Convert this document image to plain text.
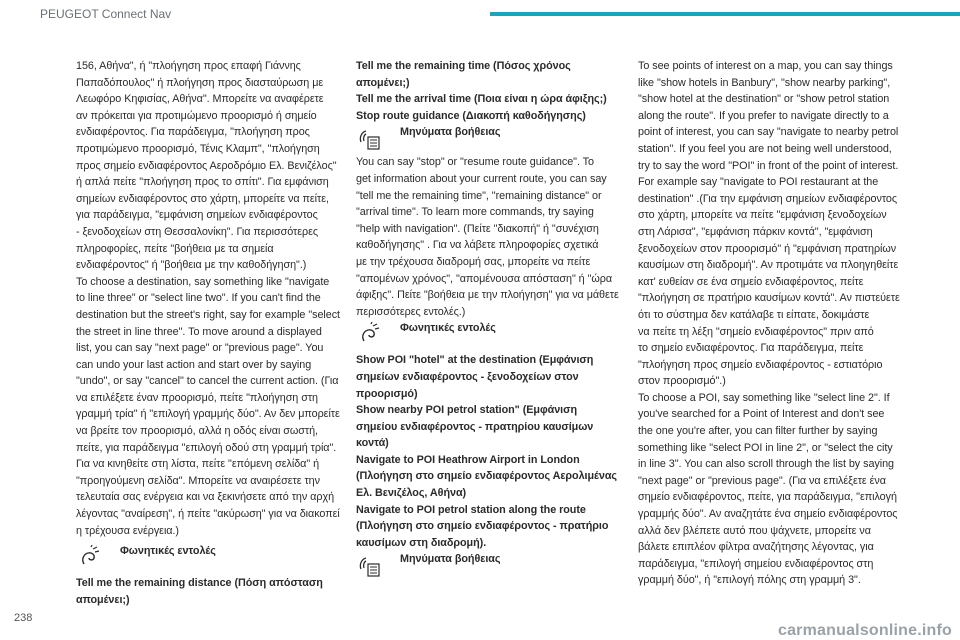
PEUGEOT Connect Nav

156, Αθήνα", ή "πλοήγηση προς επαφή Γιάννης
Παπαδόπουλος" ή πλοήγηση προς διασταύρωση με
Λεωφόρο Κηφισίας, Αθήνα". Μπορείτε να αναφέρετε
αν πρόκειται για προτιμώμενο προορισμό ή σημείο
ενδιαφέροντος. Για παράδειγμα, "πλοήγηση προς
προτιμώμενο προορισμό, Τένις Κλαμπ", "πλοήγηση
προς σημείο ενδιαφέροντος Αεροδρόμιο Ελ. Βενιζέλος"
ή απλά πείτε "πλοήγηση προς το σπίτι". Για εμφάνιση
σημείων ενδιαφέροντος στο χάρτη, μπορείτε να πείτε,
για παράδειγμα, "εμφάνιση σημείων ενδιαφέροντος
- ξενοδοχείων στη Θεσσαλονίκη". Για περισσότερες
πληροφορίες, πείτε "βοήθεια με τα σημεία
ενδιαφέροντος" ή "βοήθεια με την καθοδήγηση".)
To choose a destination, say something like "navigate
to line three" or "select line two". If you can't find the
destination but the street's right, say for example "select
the street in line three". To move around a displayed
list, you can say "next page" or "previous page". You
can undo your last action and start over by saying
"undo", or say "cancel" to cancel the current action. (Για
να επιλέξετε έναν προορισμό, πείτε "πλοήγηση στη
γραμμή τρία" ή "επιλογή γραμμής δύο". Αν δεν μπορείτε
να βρείτε τον προορισμό, αλλά η οδός είναι σωστή,
πείτε, για παράδειγμα "επιλογή οδού στη γραμμή τρία".
Για να κινηθείτε στη λίστα, πείτε "επόμενη σελίδα" ή
"προηγούμενη σελίδα". Μπορείτε να αναιρέσετε την
τελευταία σας ενέργεια και να ξεκινήσετε από την αρχή
λέγοντας "αναίρεση", ή πείτε "ακύρωση" για να διακοπεί
η τρέχουσα ενέργεια.)

Φωνητικές εντολές

Tell me the remaining distance (Πόση απόσταση
απομένει;)

Tell me the remaining time (Πόσος χρόνος
απομένει;)
Tell me the arrival time (Ποια είναι η ώρα άφιξης;)
Stop route guidance (Διακοπή καθοδήγησης)

Μηνύματα βοήθειας

You can say "stop" or "resume route guidance". To
get information about your current route, you can say
"tell me the remaining time", "remaining distance" or
"arrival time". To learn more commands, try saying
"help with navigation". (Πείτε "διακοπή" ή "συνέχιση
καθοδήγησης" . Για να λάβετε πληροφορίες σχετικά
με την τρέχουσα διαδρομή σας, μπορείτε να πείτε
"απομένων χρόνος", "απομένουσα απόσταση" ή "ώρα
άφιξης". Πείτε "βοήθεια με την πλοήγηση" για να μάθετε
περισσότερες εντολές.)

Φωνητικές εντολές

Show POI "hotel" at the destination (Εμφάνιση
σημείων ενδιαφέροντος - ξενοδοχείων στον
προορισμό)
Show nearby POI petrol station" (Εμφάνιση
σημείου ενδιαφέροντος - πρατηρίου καυσίμων
κοντά)
Navigate to POI Heathrow Airport in London
(Πλοήγηση στο σημείο ενδιαφέροντος Αερολιμένας
Ελ. Βενιζέλος, Αθήνα)
Navigate to POI petrol station along the route
(Πλοήγηση στο σημείο ενδιαφέροντος - πρατήριο
καυσίμων στη διαδρομή).

Μηνύματα βοήθειας

To see points of interest on a map, you can say things
like "show hotels in Banbury", "show nearby parking",
"show hotel at the destination" or "show petrol station
along the route". If you prefer to navigate directly to a
point of interest, you can say "navigate to nearby petrol
station". If you feel you are not being well understood,
try to say the word "POI" in front of the point of interest.
For example say "navigate to POI restaurant at the
destination" .(Για την εμφάνιση σημείων ενδιαφέροντος
στο χάρτη, μπορείτε να πείτε "εμφάνιση ξενοδοχείων
στη Λάρισα", "εμφάνιση πάρκιν κοντά", "εμφάνιση
ξενοδοχείων στον προορισμό" ή "εμφάνιση πρατηρίων
καυσίμων στη διαδρομή". Αν προτιμάτε να πλοηγηθείτε
κατ' ευθείαν σε ένα σημείο ενδιαφέροντος, πείτε
"πλοήγηση σε πρατήριο καυσίμων κοντά". Αν πιστεύετε
ότι το σύστημα δεν κατάλαβε τι είπατε, δοκιμάστε
να πείτε τη λέξη "σημείο ενδιαφέροντος" πριν από
το σημείο ενδιαφέροντος. Για παράδειγμα, πείτε
"πλοήγηση προς σημείο ενδιαφέροντος - εστιατόριο
στον προορισμό".)
To choose a POI, say something like "select line 2". If
you've searched for a Point of Interest and don't see
the one you're after, you can filter further by saying
something like "select POI in line 2", or "select the city
in line 3". You can also scroll through the list by saying
"next page" or "previous page". (Για να επιλέξετε ένα
σημείο ενδιαφέροντος, πείτε, για παράδειγμα, "επιλογή
γραμμής δύο". Αν αναζητάτε ένα σημείο ενδιαφέροντος
αλλά δεν βλέπετε αυτό που ψάχνετε, μπορείτε να
βάλετε επιπλέον φίλτρα αναζήτησης λέγοντας, για
παράδειγμα, "επιλογή σημείου ενδιαφέροντος στη
γραμμή δύο", ή "επιλογή πόλης στη γραμμή 3".

238
carmanualsonline.info
